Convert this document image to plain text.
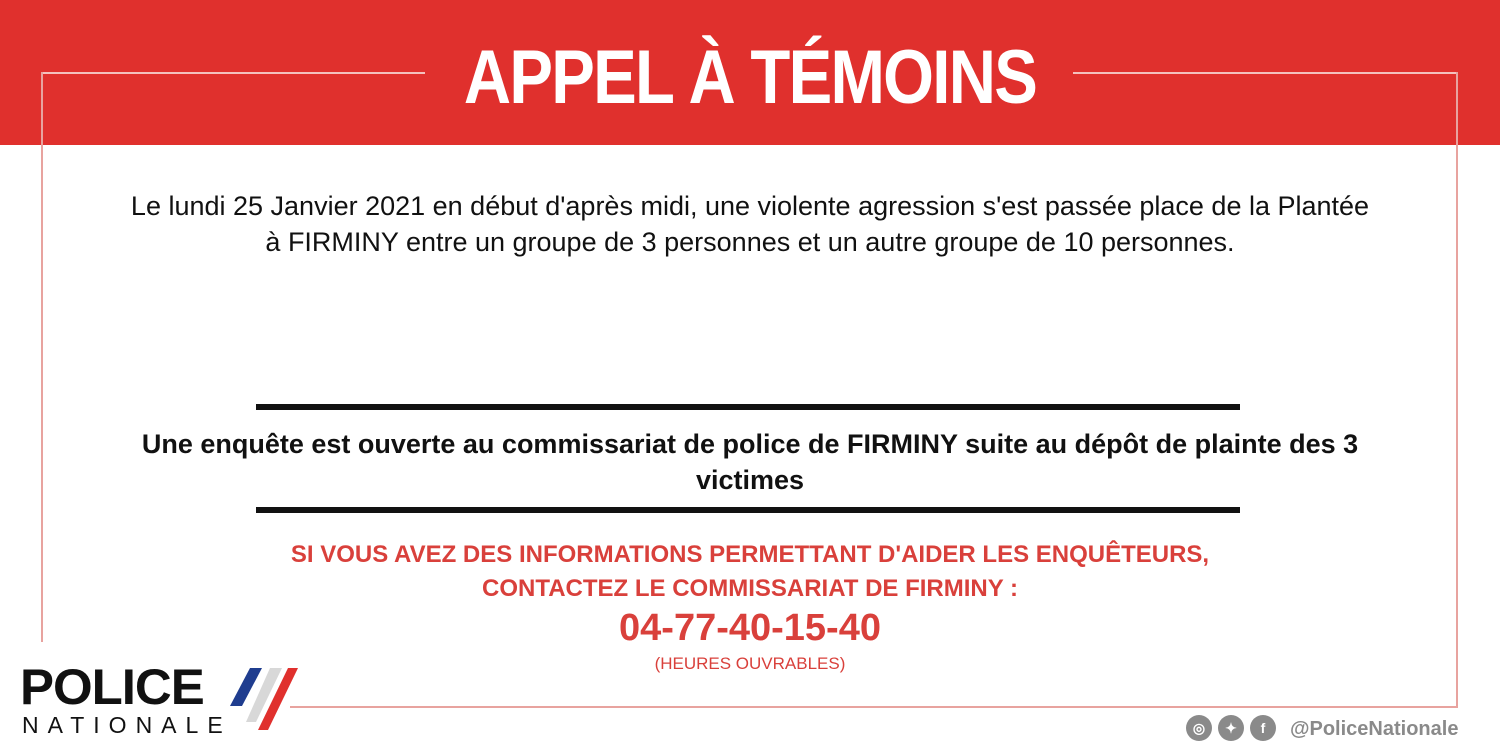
APPEL À TÉMOINS
Le lundi 25 Janvier 2021 en début d'après midi, une violente agression s'est passée place de la Plantée
à FIRMINY entre un groupe de 3 personnes et un autre groupe de 10 personnes.
Une enquête est ouverte au commissariat de police de FIRMINY suite au dépôt de plainte des 3
victimes
SI VOUS AVEZ DES INFORMATIONS PERMETTANT D'AIDER LES ENQUÊTEURS,
CONTACTEZ LE COMMISSARIAT DE FIRMINY :
04-77-40-15-40
(HEURES OUVRABLES)
POLICE
NATIONALE	◎	✦	f	@PoliceNationale
